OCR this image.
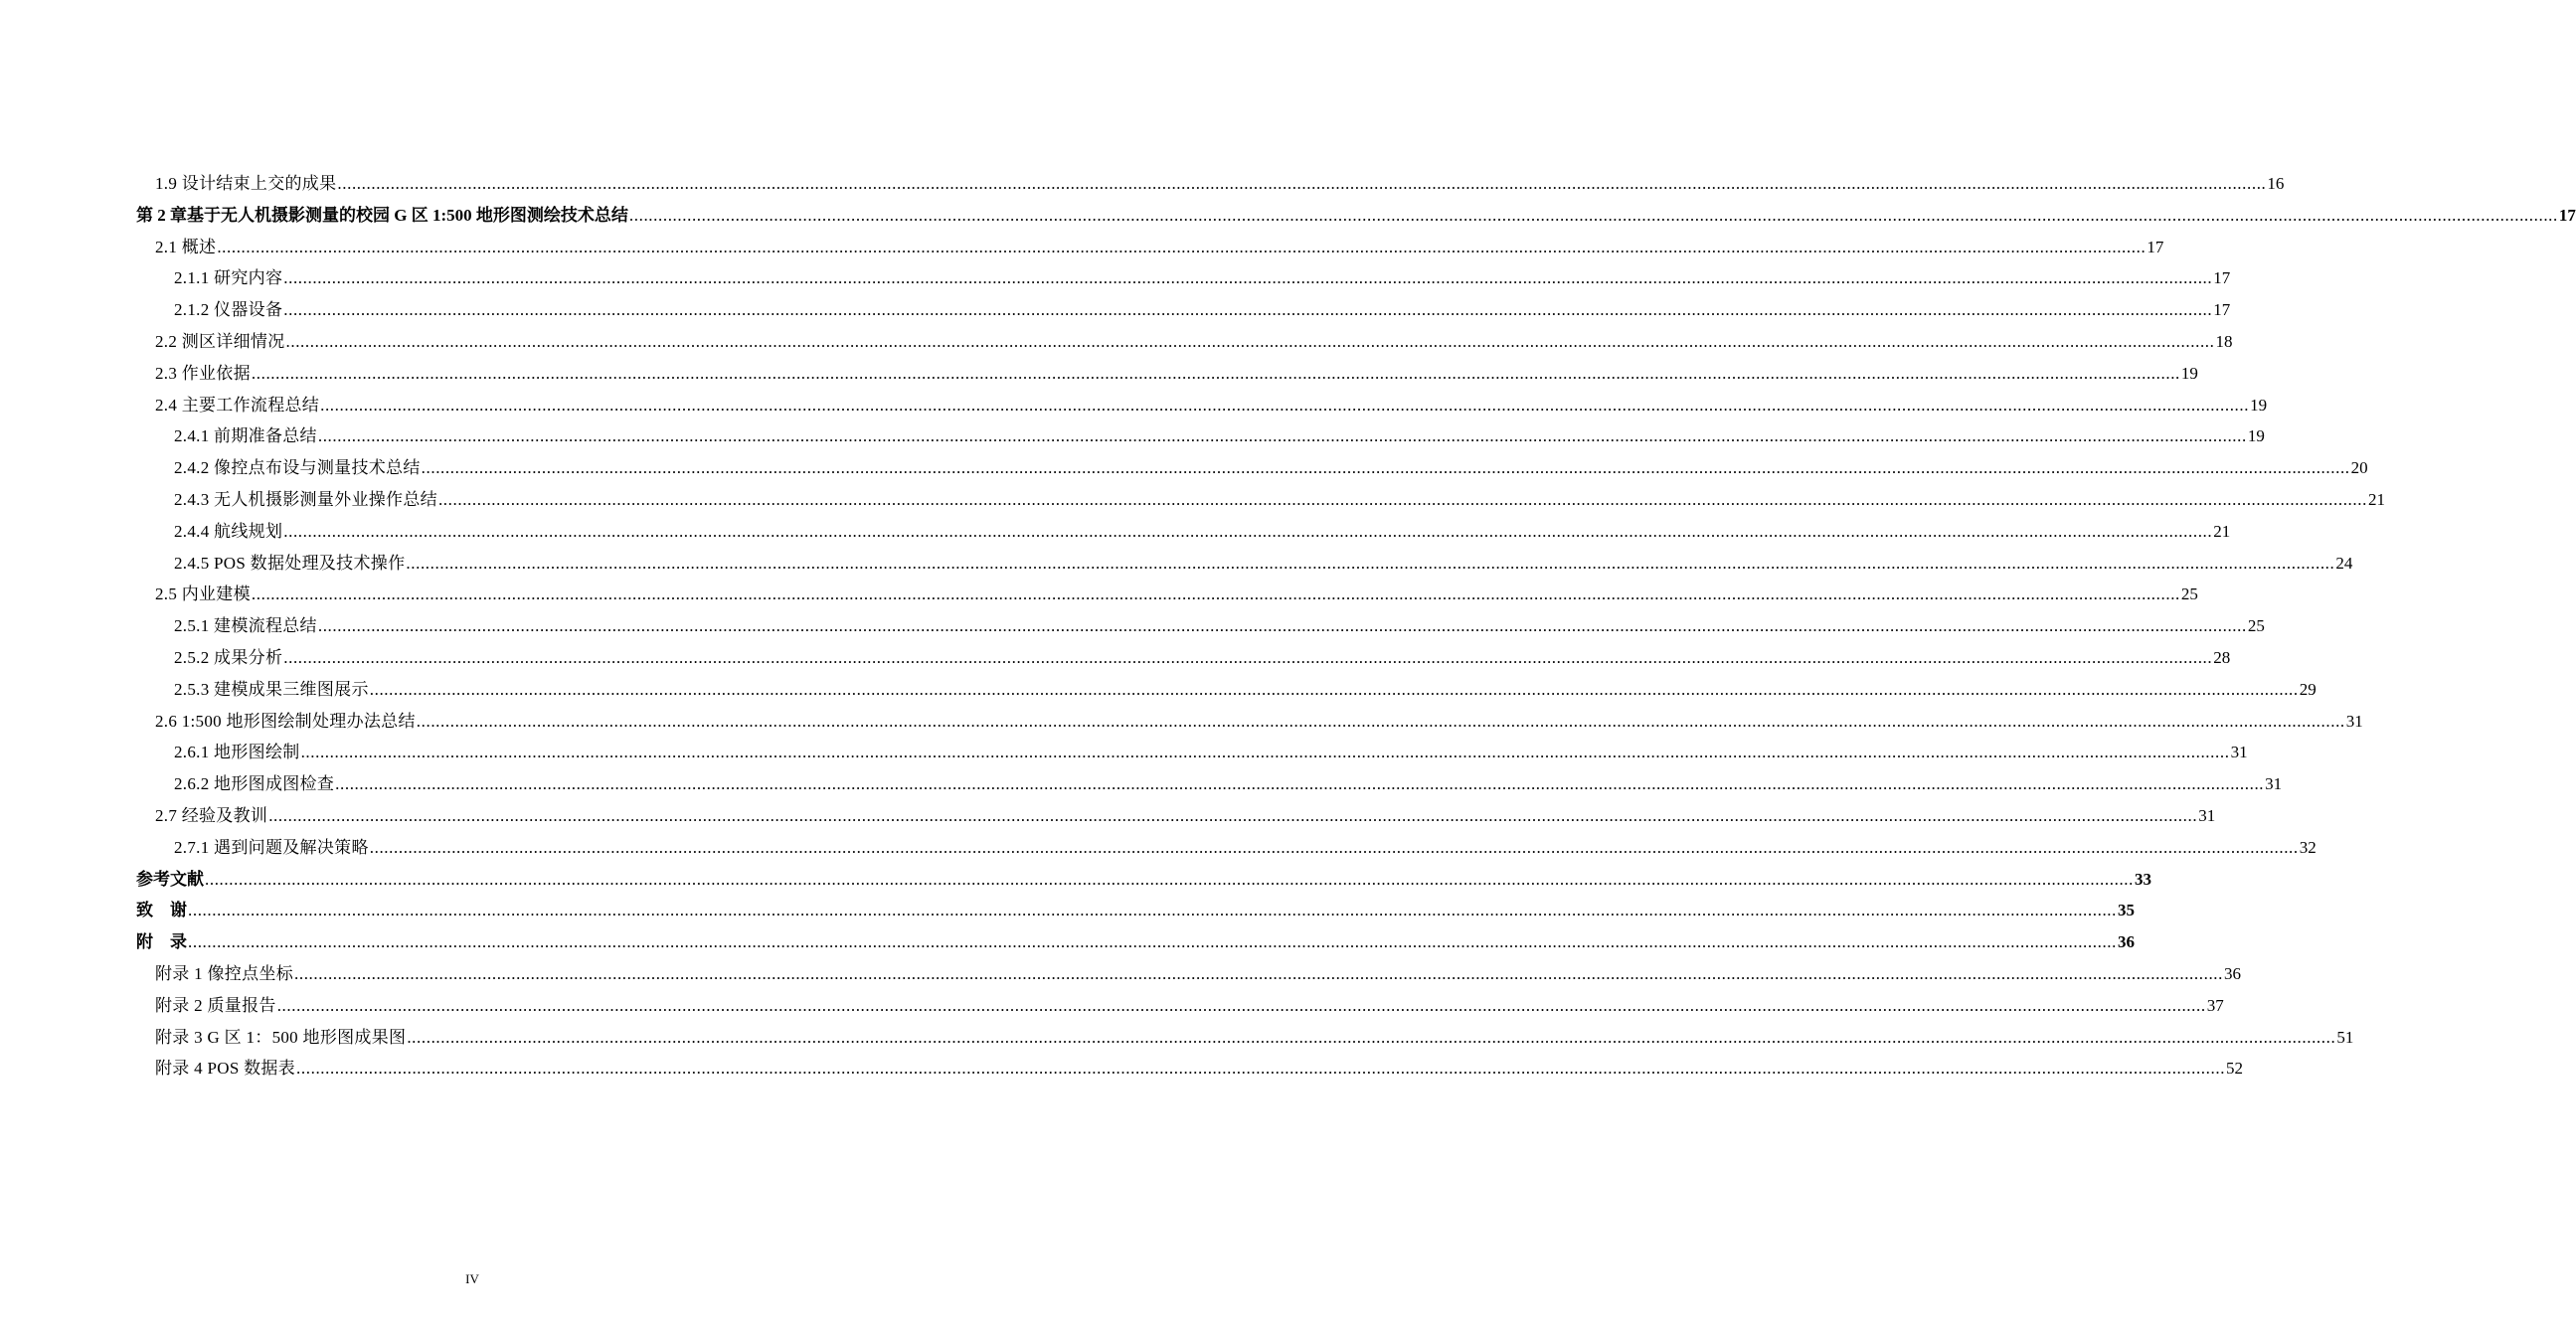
1.9 设计结束上交的成果 ................................................................................................................................................................................................................................................................................................................................................................................................................ 16
第 2 章基于无人机摄影测量的校园 G 区 1:500 地形图测绘技术总结 ................................................................................................................................................................................................................................................................................................................................................................................................................ 17
2.1 概述 ................................................................................................................................................................................................................................................................................................................................................................................................................ 17
2.1.1 研究内容 ................................................................................................................................................................................................................................................................................................................................................................................................................ 17
2.1.2 仪器设备 ................................................................................................................................................................................................................................................................................................................................................................................................................ 17
2.2 测区详细情况 ................................................................................................................................................................................................................................................................................................................................................................................................................ 18
2.3 作业依据 ................................................................................................................................................................................................................................................................................................................................................................................................................ 19
2.4 主要工作流程总结 ................................................................................................................................................................................................................................................................................................................................................................................................................ 19
2.4.1 前期准备总结 ................................................................................................................................................................................................................................................................................................................................................................................................................ 19
2.4.2 像控点布设与测量技术总结 ................................................................................................................................................................................................................................................................................................................................................................................................................ 20
2.4.3 无人机摄影测量外业操作总结 ................................................................................................................................................................................................................................................................................................................................................................................................................ 21
2.4.4 航线规划 ................................................................................................................................................................................................................................................................................................................................................................................................................ 21
2.4.5 POS 数据处理及技术操作 ................................................................................................................................................................................................................................................................................................................................................................................................................ 24
2.5 内业建模 ................................................................................................................................................................................................................................................................................................................................................................................................................ 25
2.5.1 建模流程总结 ................................................................................................................................................................................................................................................................................................................................................................................................................ 25
2.5.2 成果分析 ................................................................................................................................................................................................................................................................................................................................................................................................................ 28
2.5.3 建模成果三维图展示 ................................................................................................................................................................................................................................................................................................................................................................................................................ 29
2.6 1:500 地形图绘制处理办法总结 ................................................................................................................................................................................................................................................................................................................................................................................................................ 31
2.6.1 地形图绘制 ................................................................................................................................................................................................................................................................................................................................................................................................................ 31
2.6.2 地形图成图检查 ................................................................................................................................................................................................................................................................................................................................................................................................................ 31
2.7 经验及教训 ................................................................................................................................................................................................................................................................................................................................................................................................................ 31
2.7.1 遇到问题及解决策略 ................................................................................................................................................................................................................................................................................................................................................................................................................ 32
参考文献 ................................................................................................................................................................................................................................................................................................................................................................................................................ 33
致　谢 ................................................................................................................................................................................................................................................................................................................................................................................................................ 35
附　录 ................................................................................................................................................................................................................................................................................................................................................................................................................ 36
附录 1 像控点坐标 ................................................................................................................................................................................................................................................................................................................................................................................................................ 36
附录 2 质量报告 ................................................................................................................................................................................................................................................................................................................................................................................................................ 37
附录 3 G 区 1：500 地形图成果图 ................................................................................................................................................................................................................................................................................................................................................................................................................ 51
附录 4 POS 数据表 ................................................................................................................................................................................................................................................................................................................................................................................................................ 52
IV
